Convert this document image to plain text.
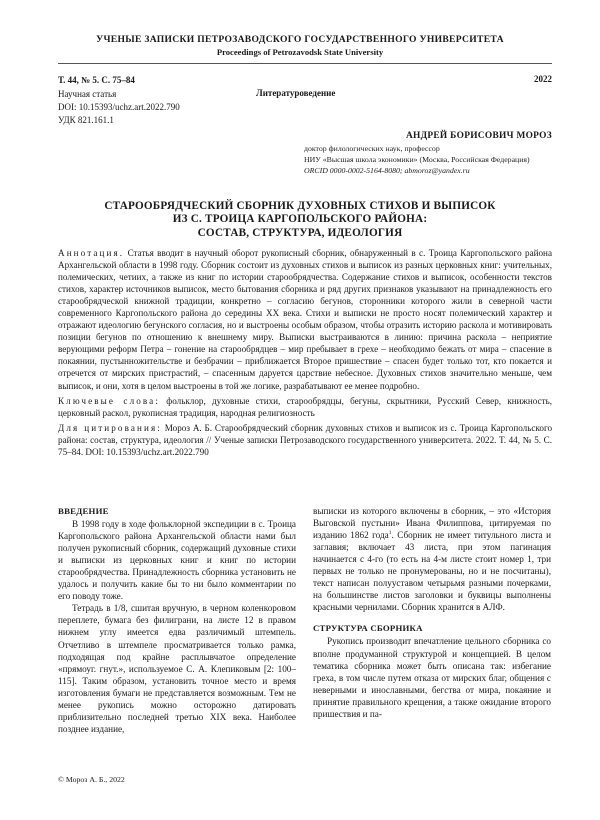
УЧЕНЫЕ ЗАПИСКИ ПЕТРОЗАВОДСКОГО ГОСУДАРСТВЕННОГО УНИВЕРСИТЕТА
Proceedings of Petrozavodsk State University
Т. 44, № 5. С. 75–84	2022
Научная статья	Литературоведение
DOI: 10.15393/uchz.art.2022.790
УДК 821.161.1
АНДРЕЙ БОРИСОВИЧ МОРОЗ
доктор филологических наук, профессор
НИУ «Высшая школа экономики» (Москва, Российская Федерация)
ORCID 0000-0002-5164-8080; abmoroz@yandex.ru
СТАРООБРЯДЧЕСКИЙ СБОРНИК ДУХОВНЫХ СТИХОВ И ВЫПИСОК
ИЗ С. ТРОИЦА КАРГОПОЛЬСКОГО РАЙОНА:
СОСТАВ, СТРУКТУРА, ИДЕОЛОГИЯ

Аннотация. Статья вводит в научный оборот рукописный сборник, обнаруженный в с. Троица Каргопольского района Архангельской области в 1998 году. Сборник состоит из духовных стихов и выписок из разных церковных книг: учительных, полемических, четиих, а также из книг по истории старообрядчества. Содержание стихов и выписок, особенности текстов стихов, характер источников выписок, место бытования сборника и ряд других признаков указывают на принадлежность его старообрядческой книжной традиции, конкретно – согласию бегунов, сторонники которого жили в северной части современного Каргопольского района до середины XX века. Стихи и выписки не просто носят полемический характер и отражают идеологию бегунского согласия, но и выстроены особым образом, чтобы отразить историю раскола и мотивировать позиции бегунов по отношению к внешнему миру. Выписки выстраиваются в линию: причина раскола – неприятие верующими реформ Петра – гонение на старообрядцев – мир пребывает в грехе – необходимо бежать от мира – спасение в покаянии, пустынножительстве и безбрачии – приближается Второе пришествие – спасен будет только тот, кто покается и отречется от мирских пристрастий, – спасенным даруется царствие небесное. Духовных стихов значительно меньше, чем выписок, и они, хотя в целом выстроены в той же логике, разрабатывают ее менее подробно.

Ключевые слова: фольклор, духовные стихи, старообрядцы, бегуны, скрытники, Русский Север, книжность, церковный раскол, рукописная традиция, народная религиозность

Для цитирования: Мороз А. Б. Старообрядческий сборник духовных стихов и выписок из с. Троица Каргопольского района: состав, структура, идеология // Ученые записки Петрозаводского государственного университета. 2022. Т. 44, № 5. С. 75–84. DOI: 10.15393/uchz.art.2022.790

ВВЕДЕНИЕ

В 1998 году в ходе фольклорной экспедиции в с. Троица Каргопольского района Архангельской области нами был получен рукописный сборник, содержащий духовные стихи и выписки из церковных книг и книг по истории старообрядчества. Принадлежность сборника установить не удалось и получить какие бы то ни было комментарии по его поводу тоже.

Тетрадь в 1/8, сшитая вручную, в черном коленкоровом переплете, бумага без филиграни, на листе 12 в правом нижнем углу имеется едва различимый штемпель. Отчетливо в штемпеле просматривается только рамка, подходящая под крайне расплывчатое определение «прямоуг. гнут.», используемое С. А. Клепиковым [2: 100–115]. Таким образом, установить точное место и время изготовления бумаги не представляется возможным. Тем не менее рукопись можно осторожно датировать приблизительно последней третью XIX века. Наиболее позднее издание,

выписки из которого включены в сборник, – это «История Выговской пустыни» Ивана Филиппова, цитируемая по изданию 1862 года$^1$. Сборник не имеет титульного листа и заглавия; включает 43 листа, при этом пагинация начинается с 4-го (то есть на 4-м листе стоит номер 1, три первых не только не пронумерованы, но и не посчитаны), текст написан полууставом четырьмя разными почерками, на большинстве листов заголовки и буквицы выполнены красными чернилами. Сборник хранится в АЛФ.

СТРУКТУРА СБОРНИКА

Рукопись производит впечатление цельного сборника со вполне продуманной структурой и концепцией. В целом тематика сборника может быть описана так: избегание греха, в том числе путем отказа от мирских благ, общения с неверными и инославными, бегства от мира, покаяние и принятие правильного крещения, а также ожидание второго пришествия и па-

© Мороз А. Б., 2022
